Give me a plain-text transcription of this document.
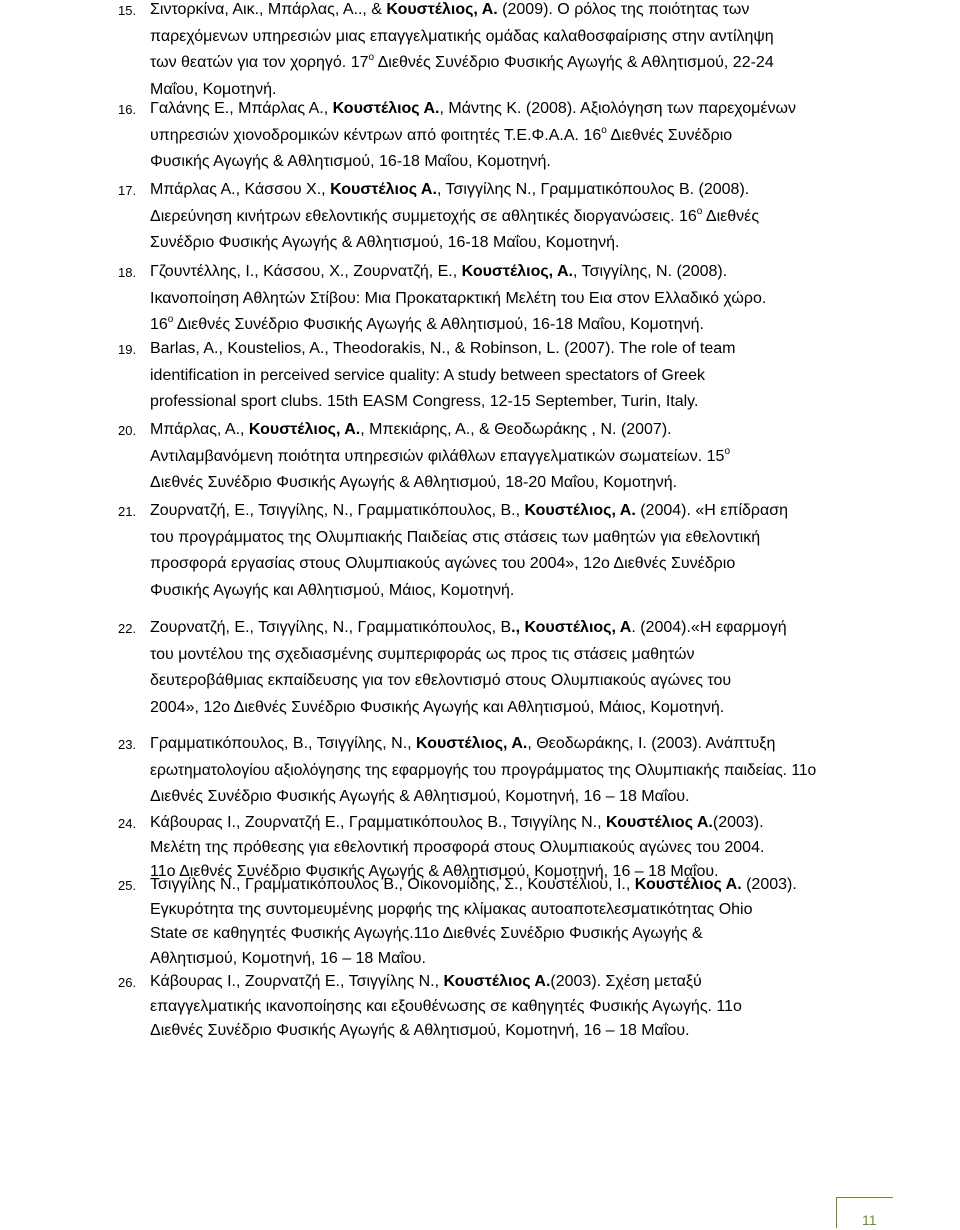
15. Σιντορκίνα, Αικ., Μπάρλας, Α.., & Κουστέλιος, Α. (2009). Ο ρόλος της ποιότητας των
παρεχόμενων υπηρεσιών μιας επαγγελματικής ομάδας καλαθοσφαίρισης στην αντίληψη
των θεατών για τον χορηγό. $17^o$ Διεθνές Συνέδριο Φυσικής Αγωγής & Αθλητισμού, 22-24
Μαΐου, Κομοτηνή.
16. Γαλάνης Ε., Μπάρλας Α., Κουστέλιος Α., Μάντης Κ. (2008). Αξιολόγηση των παρεχομένων
υπηρεσιών χιονοδρομικών κέντρων από φοιτητές Τ.Ε.Φ.Α.Α. $16^o$ Διεθνές Συνέδριο
Φυσικής Αγωγής & Αθλητισμού, 16-18 Μαΐου, Κομοτηνή.
17. Μπάρλας Α., Κάσσου Χ., Κουστέλιος Α., Τσιγγίλης Ν., Γραμματικόπουλος Β. (2008).
Διερεύνηση κινήτρων εθελοντικής συμμετοχής σε αθλητικές διοργανώσεις. $16^o$ Διεθνές
Συνέδριο Φυσικής Αγωγής & Αθλητισμού, 16-18 Μαΐου, Κομοτηνή.
18. Γζουντέλλης, Ι., Κάσσου, Χ., Ζουρνατζή, Ε., Κουστέλιος, Α., Τσιγγίλης, Ν. (2008).
Ικανοποίηση Αθλητών Στίβου: Μια Προκαταρκτική Μελέτη του Εια στον Ελλαδικό χώρο.
$16^o$ Διεθνές Συνέδριο Φυσικής Αγωγής & Αθλητισμού, 16-18 Μαΐου, Κομοτηνή.
19. Barlas, A., Koustelios, A., Theodorakis, N., & Robinson, L. (2007). The role of team
identification in perceived service quality: A study between spectators of Greek
professional sport clubs. 15th EASM Congress, 12-15 September, Turin, Italy.
20. Μπάρλας, Α., Κουστέλιος, Α., Μπεκιάρης, Α., & Θεοδωράκης , Ν. (2007).
Αντιλαμβανόμενη ποιότητα υπηρεσιών φιλάθλων επαγγελματικών σωματείων. $15^o$
Διεθνές Συνέδριο Φυσικής Αγωγής & Αθλητισμού, 18-20 Μαΐου, Κομοτηνή.
21. Ζουρνατζή, Ε., Τσιγγίλης, Ν., Γραμματικόπουλος, Β., Κουστέλιος, Α. (2004). «Η επίδραση
του προγράμματος της Ολυμπιακής Παιδείας στις στάσεις των μαθητών για εθελοντική
προσφορά εργασίας στους Ολυμπιακούς αγώνες του 2004», 12ο Διεθνές Συνέδριο
Φυσικής Αγωγής και Αθλητισμού, Μάιος, Κομοτηνή.
22. Ζουρνατζή, Ε., Τσιγγίλης, Ν., Γραμματικόπουλος, Β., Κουστέλιος, Α. (2004).«Η εφαρμογή
του μοντέλου της σχεδιασμένης συμπεριφοράς ως προς τις στάσεις μαθητών
δευτεροβάθμιας εκπαίδευσης για τον εθελοντισμό στους Ολυμπιακούς αγώνες του
2004», 12ο Διεθνές Συνέδριο Φυσικής Αγωγής και Αθλητισμού, Μάιος, Κομοτηνή.
23. Γραμματικόπουλος, Β., Τσιγγίλης, Ν., Κουστέλιος, Α., Θεοδωράκης, Ι. (2003). Ανάπτυξη
ερωτηματολογίου αξιολόγησης της εφαρμογής του προγράμματος της Ολυμπιακής παιδείας. 11ο
Διεθνές Συνέδριο Φυσικής Αγωγής & Αθλητισμού, Κομοτηνή, 16 – 18 Μαΐου.
24. Κάβουρας Ι., Ζουρνατζή Ε., Γραμματικόπουλος Β., Τσιγγίλης Ν., Κουστέλιος Α.(2003).
Μελέτη της πρόθεσης για εθελοντική προσφορά στους Ολυμπιακούς αγώνες του 2004.
11ο Διεθνές Συνέδριο Φυσικής Αγωγής & Αθλητισμού, Κομοτηνή, 16 – 18 Μαΐου.
25. Τσιγγίλης Ν., Γραμματικόπουλος Β., Οικονομίδης, Σ., Κουστέλιου, Ι., Κουστέλιος Α. (2003).
Εγκυρότητα της συντομευμένης μορφής της κλίμακας αυτοαποτελεσματικότητας Ohio
State σε καθηγητές Φυσικής Αγωγής.11ο Διεθνές Συνέδριο Φυσικής Αγωγής &
Αθλητισμού, Κομοτηνή, 16 – 18 Μαΐου.
26. Κάβουρας Ι., Ζουρνατζή Ε., Τσιγγίλης Ν., Κουστέλιος Α.(2003). Σχέση μεταξύ
επαγγελματικής ικανοποίησης και εξουθένωσης σε καθηγητές Φυσικής Αγωγής. 11ο
Διεθνές Συνέδριο Φυσικής Αγωγής & Αθλητισμού, Κομοτηνή, 16 – 18 Μαΐου.
11
